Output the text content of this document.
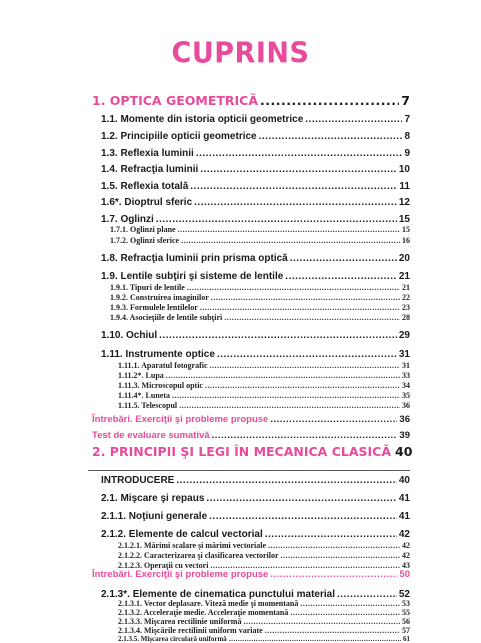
CUPRINS
1. OPTICA GEOMETRICĂ .....	7
1.1. Momente din istoria opticii geometrice .....	7
1.2. Principiile opticii geometrice .....	8
1.3. Reflexia luminii .....	9
1.4. Refracţia luminii .....	10
1.5. Reflexia totală .....	11
1.6*. Dioptrul sferic .....	12
1.7. Oglinzi .....	15
1.7.1. Oglinzi plane .....	15
1.7.2. Oglinzi sferice .....	16
1.8. Refracţia luminii prin prisma optică .....	20
1.9. Lentile subţiri şi sisteme de lentile .....	21
1.9.1. Tipuri de lentile .....	21
1.9.2. Construirea imaginilor .....	22
1.9.3. Formulele lentilelor .....	23
1.9.4. Asocieţiile de lentile subţiri .....	28
1.10. Ochiul .....	29
1.11. Instrumente optice .....	31
1.11.1. Aparatul fotografic .....	31
1.11.2*. Lupa .....	33
1.11.3. Microscopul optic .....	34
1.11.4*. Luneta .....	35
1.11.5. Telescopul .....	36
Întrebări. Exerciţii şi probleme propuse .....	36
Test de evaluare sumativă .....	39
2. PRINCIPII ŞI LEGI ÎN MECANICA CLASICĂ 40
INTRODUCERE .....	40
2.1. Mişcare şi repaus .....	41
2.1.1. Noţiuni generale .....	41
2.1.2. Elemente de calcul vectorial .....	42
2.1.2.1. Mărimi scalare şi mărimi vectoriale .....	42
2.1.2.2. Caracterizarea şi clasificarea vectorilor .....	42
2.1.2.3. Operaţii cu vectori .....	43
Întrebări. Exerciţii şi probleme propuse .....	50
2.1.3*. Elemente de cinematica punctului material .....	52
2.1.3.1. Vector deplasare. Viteză medie şi momentană .....	53
2.1.3.2. Acceleraţie medie. Acceleraţie momentană .....	55
2.1.3.3. Mişcarea rectilinie uniformă .....	56
2.1.3.4. Mişcările rectilinii uniform variate .....	57
2.1.3.5. Mişcarea circulară uniformă .....	61
